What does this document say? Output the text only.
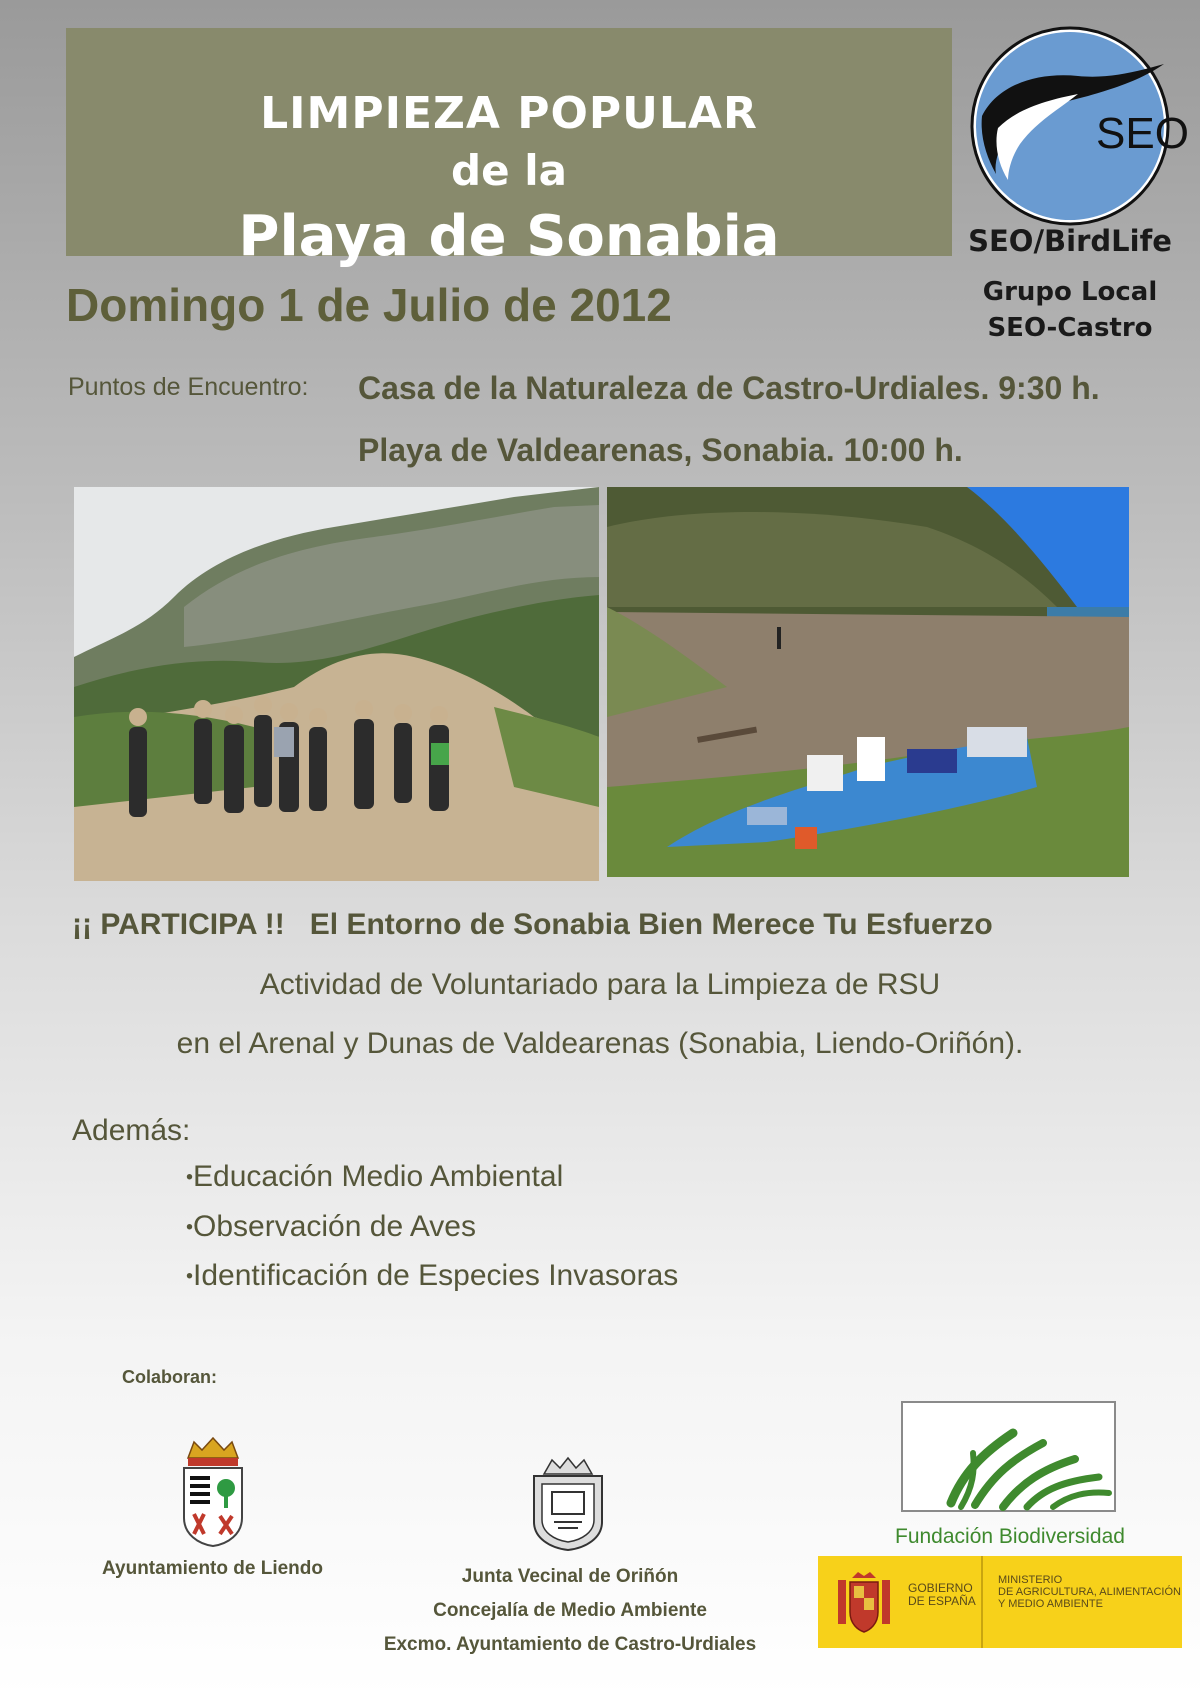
LIMPIEZA POPULAR
de la
Playa de Sonabia
SEO
SEO/BirdLife
Grupo Local
SEO-Castro
Domingo 1 de Julio de 2012
Puntos de Encuentro: Casa de la Naturaleza de Castro-Urdiales. 9:30 h.
Playa de Valdearenas, Sonabia. 10:00 h.
¡¡ PARTICIPA !! El Entorno de Sonabia Bien Merece Tu Esfuerzo
Actividad de Voluntariado para la Limpieza de RSU
en el Arenal y Dunas de Valdearenas (Sonabia, Liendo-Oriñón).
Además:
•Educación Medio Ambiental
•Observación de Aves
•Identificación de Especies Invasoras
Colaboran:
Ayuntamiento de Liendo	Junta Vecinal de Oriñón
Concejalía de Medio Ambiente
Excmo. Ayuntamiento de Castro-Urdiales
Fundación Biodiversidad
GOBIERNO
DE ESPAÑA
MINISTERIO
DE AGRICULTURA, ALIMENTACIÓN
Y MEDIO AMBIENTE
